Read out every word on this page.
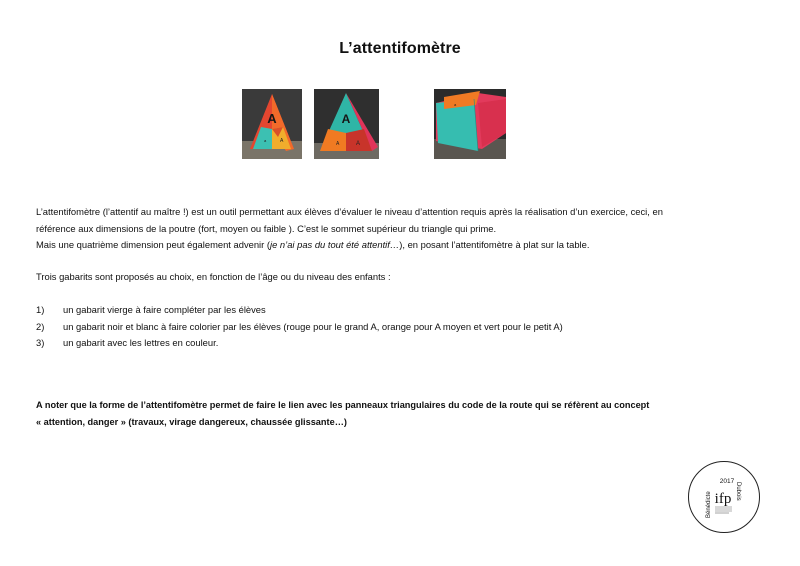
L’attentifomètre
A
a	A
A
A	A
a
L’attentifomètre (l’attentif au maître !) est un outil permettant aux élèves d’évaluer le niveau d’attention requis après la réalisation d’un exercice, ceci, en
référence aux dimensions de la poutre (fort, moyen ou faible ). C’est le sommet supérieur du triangle qui prime.
Mais une quatrième dimension peut également advenir (je n’ai pas du tout été attentif…), en posant l’attentifomètre à plat sur la table.
Trois gabarits sont proposés au choix, en fonction de l’âge ou du niveau des enfants :
1)	un gabarit vierge à faire compléter par les élèves
2)	un gabarit noir et blanc à faire colorier par les élèves (rouge pour le grand A, orange pour A moyen et vert pour le petit A)
3)	un gabarit avec les lettres en couleur.
A noter que la forme de l’attentifomètre permet de faire le lien avec les panneaux triangulaires du code de la route qui se réfèrent au concept
« attention, danger » (travaux, virage dangereux, chaussée glissante…)
2017
Bénédicte	Dubois
ifp
